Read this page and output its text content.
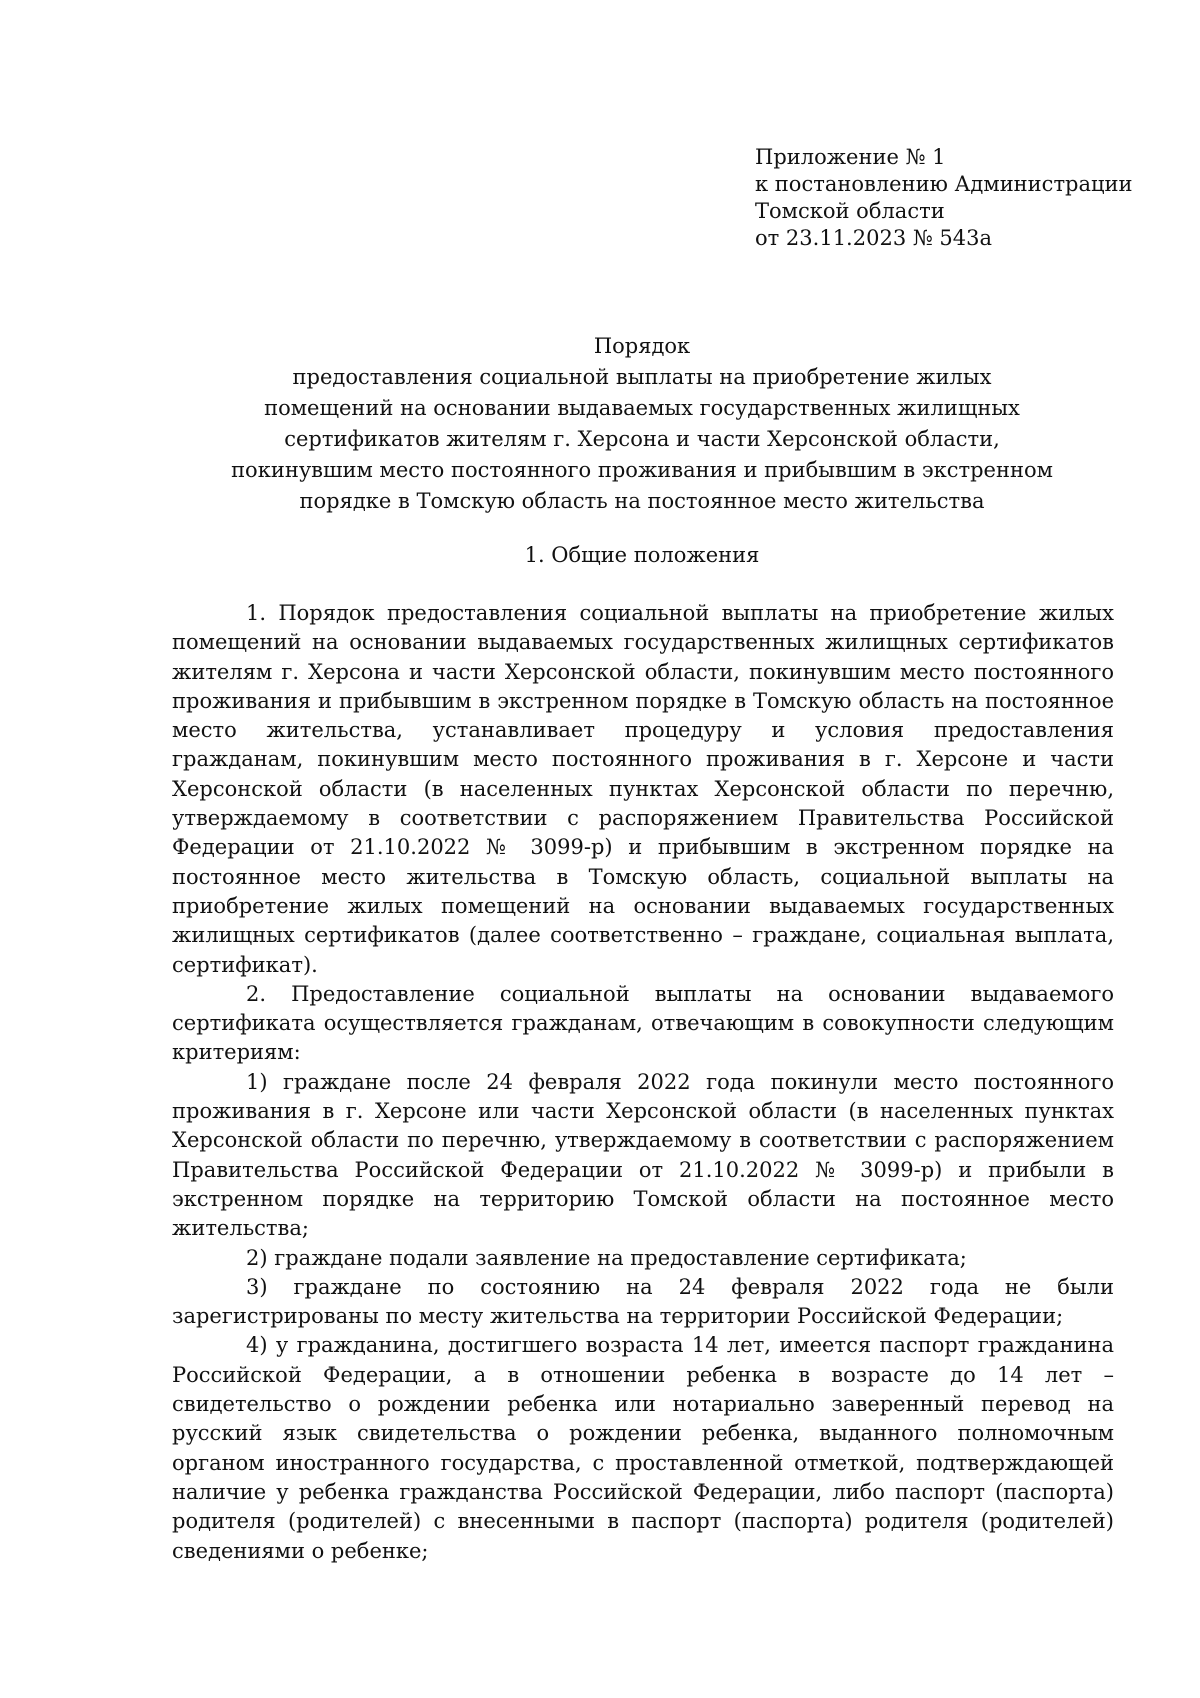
Приложение № 1
к постановлению Администрации
Томской области
от 23.11.2023 № 543а
Порядок
предоставления социальной выплаты на приобретение жилых
помещений на основании выдаваемых государственных жилищных
сертификатов жителям г. Херсона и части Херсонской области,
покинувшим место постоянного проживания и прибывшим в экстренном
порядке в Томскую область на постоянное место жительства
1. Общие положения

1. Порядок предоставления социальной выплаты на приобретение жилых помещений на основании выдаваемых государственных жилищных сертификатов жителям г. Херсона и части Херсонской области, покинувшим место постоянного проживания и прибывшим в экстренном порядке в Томскую область на постоянное место жительства, устанавливает процедуру и условия предоставления гражданам, покинувшим место постоянного проживания в г. Херсоне и части Херсонской области (в населенных пунктах Херсонской области по перечню, утверждаемому в соответствии с распоряжением Правительства Российской Федерации от 21.10.2022 № 3099-р) и прибывшим в экстренном порядке на постоянное место жительства в Томскую область, социальной выплаты на приобретение жилых помещений на основании выдаваемых государственных жилищных сертификатов (далее соответственно – граждане, социальная выплата, сертификат).

2. Предоставление социальной выплаты на основании выдаваемого сертификата осуществляется гражданам, отвечающим в совокупности следующим критериям:

1) граждане после 24 февраля 2022 года покинули место постоянного проживания в г. Херсоне или части Херсонской области (в населенных пунктах Херсонской области по перечню, утверждаемому в соответствии с распоряжением Правительства Российской Федерации от 21.10.2022 № 3099-р) и прибыли в экстренном порядке на территорию Томской области на постоянное место жительства;

2) граждане подали заявление на предоставление сертификата;

3) граждане по состоянию на 24 февраля 2022 года не были зарегистрированы по месту жительства на территории Российской Федерации;

4) у гражданина, достигшего возраста 14 лет, имеется паспорт гражданина Российской Федерации, а в отношении ребенка в возрасте до 14 лет – свидетельство о рождении ребенка или нотариально заверенный перевод на русский язык свидетельства о рождении ребенка, выданного полномочным органом иностранного государства, с проставленной отметкой, подтверждающей наличие у ребенка гражданства Российской Федерации, либо паспорт (паспорта) родителя (родителей) с внесенными в паспорт (паспорта) родителя (родителей) сведениями о ребенке;
